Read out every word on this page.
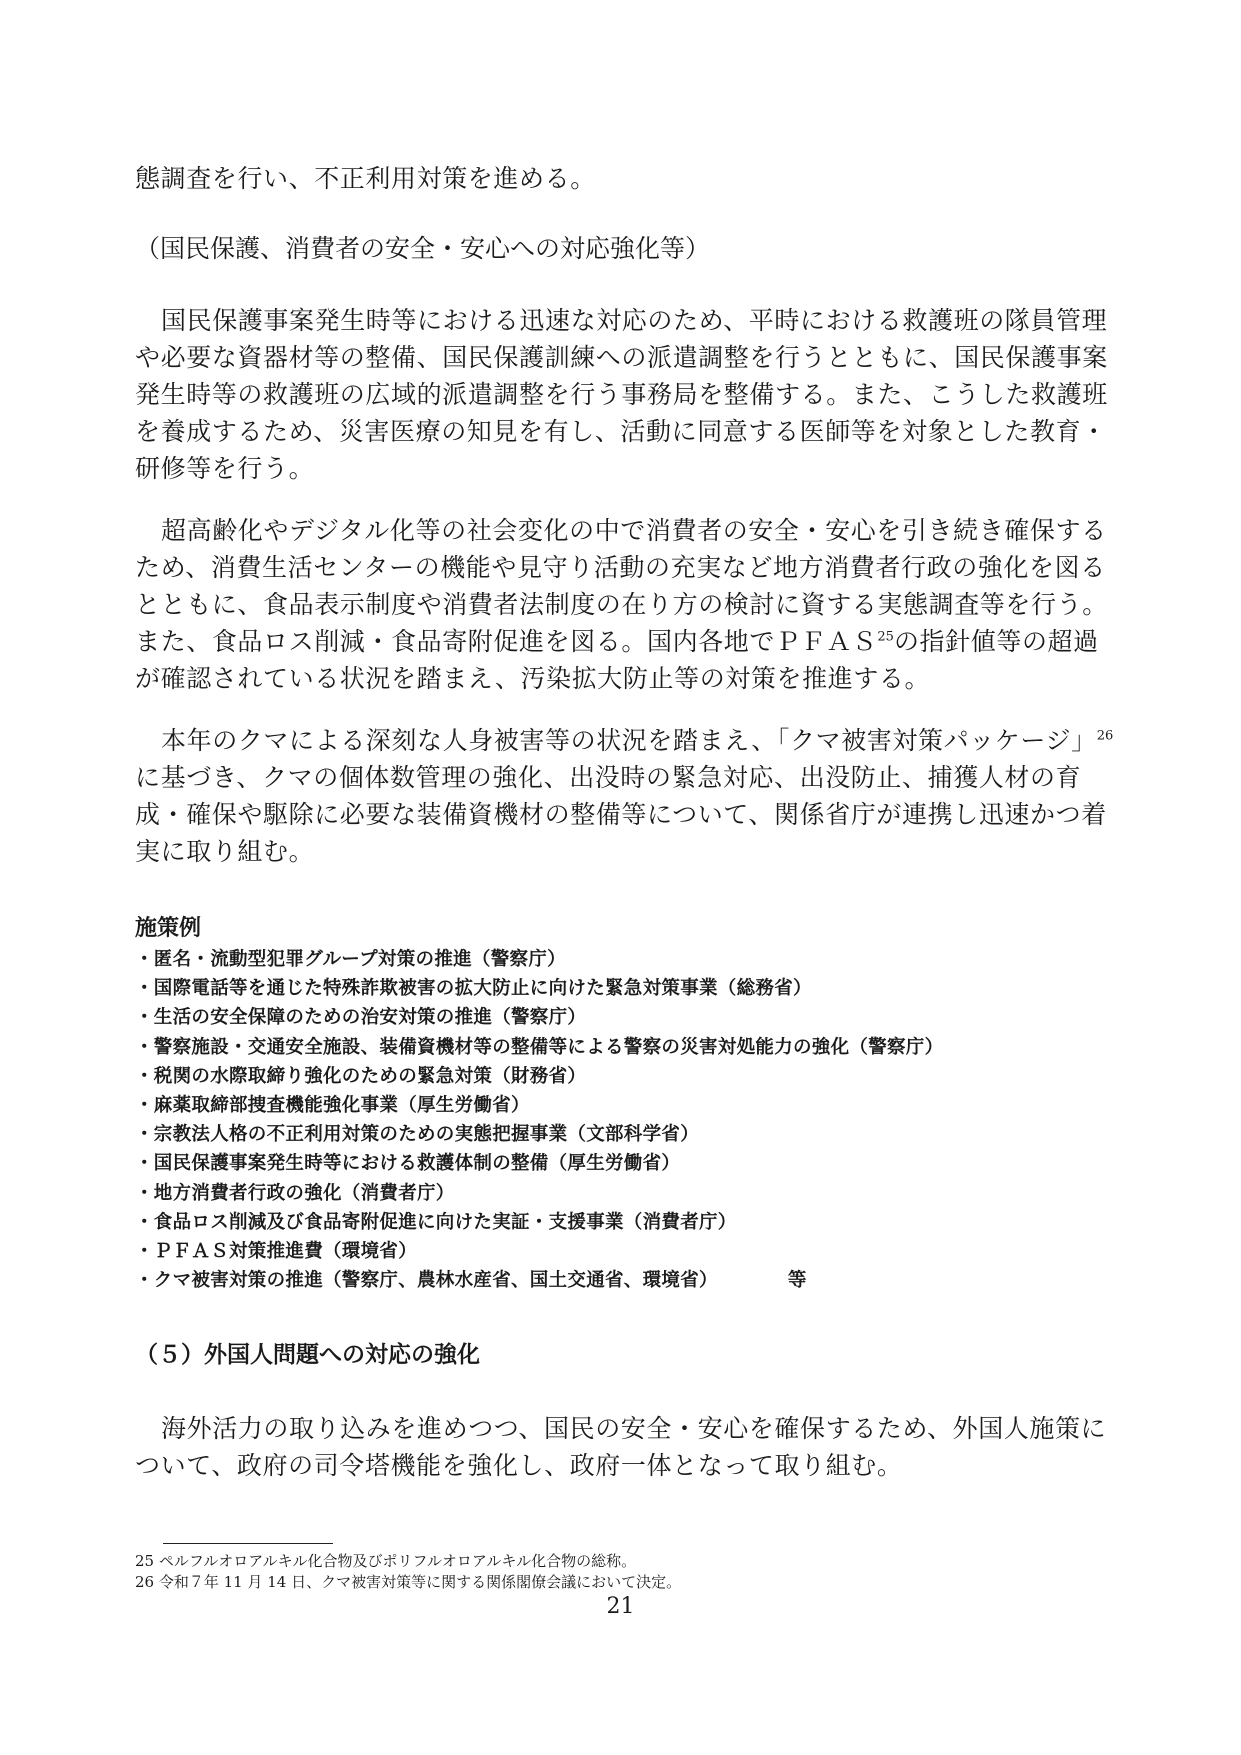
態調査を行い、不正利用対策を進める。

（国民保護、消費者の安全・安心への対応強化等）

国民保護事案発生時等における迅速な対応のため、平時における救護班の隊員管理や必要な資器材等の整備、国民保護訓練への派遣調整を行うとともに、国民保護事案発生時等の救護班の広域的派遣調整を行う事務局を整備する。また、こうした救護班を養成するため、災害医療の知見を有し、活動に同意する医師等を対象とした教育・研修等を行う。

超高齢化やデジタル化等の社会変化の中で消費者の安全・安心を引き続き確保するため、消費生活センターの機能や見守り活動の充実など地方消費者行政の強化を図るとともに、食品表示制度や消費者法制度の在り方の検討に資する実態調査等を行う。また、食品ロス削減・食品寄附促進を図る。国内各地でＰＦＡＳ$^{25}$の指針値等の超過が確認されている状況を踏まえ、汚染拡大防止等の対策を推進する。

本年のクマによる深刻な人身被害等の状況を踏まえ、「クマ被害対策パッケージ」$^{26}$に基づき、クマの個体数管理の強化、出没時の緊急対応、出没防止、捕獲人材の育成・確保や駆除に必要な装備資機材の整備等について、関係省庁が連携し迅速かつ着実に取り組む。

施策例

・匿名・流動型犯罪グループ対策の推進（警察庁）
・国際電話等を通じた特殊詐欺被害の拡大防止に向けた緊急対策事業（総務省）
・生活の安全保障のための治安対策の推進（警察庁）
・警察施設・交通安全施設、装備資機材等の整備等による警察の災害対処能力の強化（警察庁）
・税関の水際取締り強化のための緊急対策（財務省）
・麻薬取締部捜査機能強化事業（厚生労働省）
・宗教法人格の不正利用対策のための実態把握事業（文部科学省）
・国民保護事案発生時等における救護体制の整備（厚生労働省）
・地方消費者行政の強化（消費者庁）
・食品ロス削減及び食品寄附促進に向けた実証・支援事業（消費者庁）
・ＰＦＡＳ対策推進費（環境省）
・クマ被害対策の推進（警察庁、農林水産省、国土交通省、環境省）	等

（５）外国人問題への対応の強化

海外活力の取り込みを進めつつ、国民の安全・安心を確保するため、外国人施策について、政府の司令塔機能を強化し、政府一体となって取り組む。

25 ペルフルオロアルキル化合物及びポリフルオロアルキル化合物の総称。
26 令和７年 11 月 14 日、クマ被害対策等に関する関係閣僚会議において決定。

21
